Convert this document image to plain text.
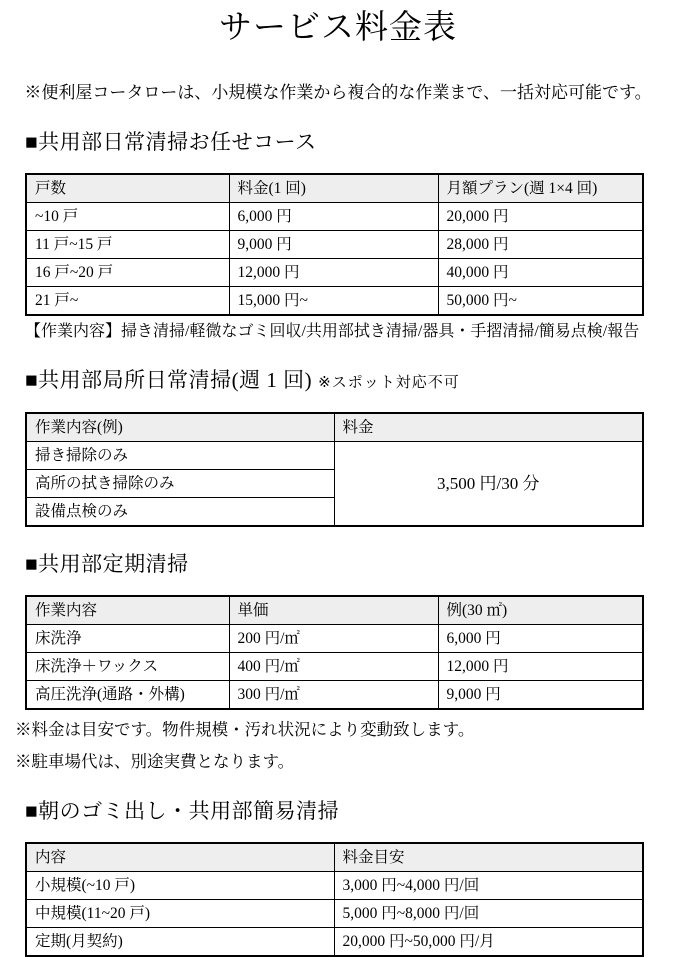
サービス料金表

※便利屋コータローは、小規模な作業から複合的な作業まで、一括対応可能です。

■共用部日常清掃お任せコース
戸数	料金(1 回)	月額プラン(週 1×4 回)
~10 戸	6,000 円	20,000 円
11 戸~15 戸	9,000 円	28,000 円
16 戸~20 戸	12,000 円	40,000 円
21 戸~	15,000 円~	50,000 円~

【作業内容】掃き清掃/軽微なゴミ回収/共用部拭き清掃/器具・手摺清掃/簡易点検/報告

■共用部局所日常清掃(週 1 回) ※スポット対応不可
作業内容(例)	料金
掃き掃除のみ	3,500 円/30 分
高所の拭き掃除のみ	
設備点検のみ	
■共用部定期清掃
作業内容	単価	例(30 ㎡)
床洗浄	200 円/㎡	6,000 円
床洗浄＋ワックス	400 円/㎡	12,000 円
高圧洗浄(通路・外構)	300 円/㎡	9,000 円

※料金は目安です。物件規模・汚れ状況により変動致します。

※駐車場代は、別途実費となります。

■朝のゴミ出し・共用部簡易清掃
内容	料金目安
小規模(~10 戸)	3,000 円~4,000 円/回
中規模(11~20 戸)	5,000 円~8,000 円/回
定期(月契約)	20,000 円~50,000 円/月
